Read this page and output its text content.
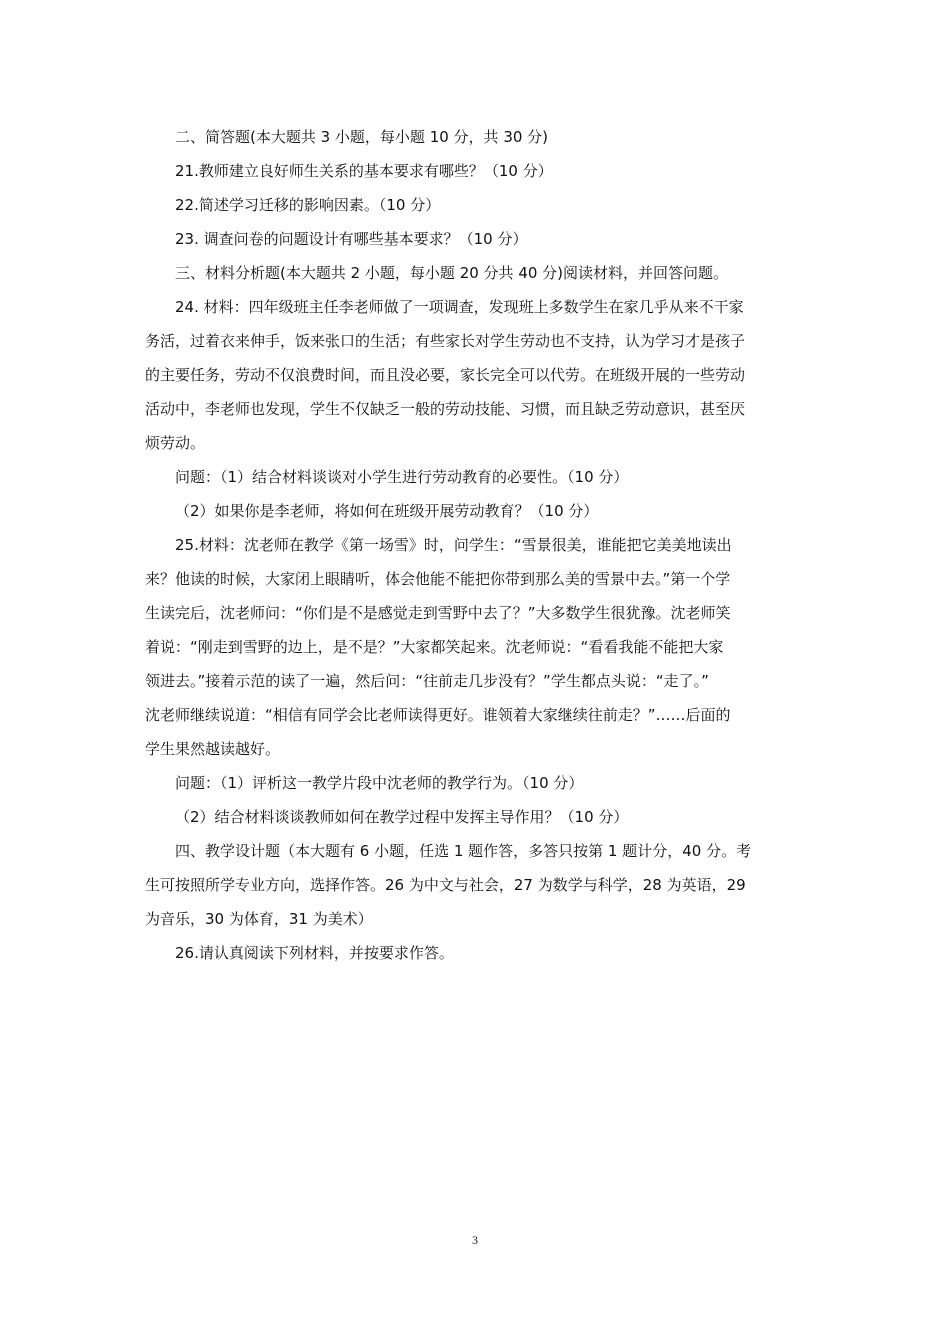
二、简答题(本大题共 3 小题，每小题 10 分，共 30 分)

21.教师建立良好师生关系的基本要求有哪些？（10 分）

22.简述学习迁移的影响因素。（10 分）

23. 调查问卷的问题设计有哪些基本要求？（10 分）

三、材料分析题(本大题共 2 小题，每小题 20 分共 40 分)阅读材料，并回答问题。

24. 材料：四年级班主任李老师做了一项调查，发现班上多数学生在家几乎从来不干家
务活，过着衣来伸手，饭来张口的生活；有些家长对学生劳动也不支持，认为学习才是孩子
的主要任务，劳动不仅浪费时间，而且没必要，家长完全可以代劳。在班级开展的一些劳动
活动中，李老师也发现，学生不仅缺乏一般的劳动技能、习惯，而且缺乏劳动意识，甚至厌
烦劳动。

问题：（1）结合材料谈谈对小学生进行劳动教育的必要性。（10 分）

（2）如果你是李老师，将如何在班级开展劳动教育？（10 分）

25.材料：沈老师在教学《第一场雪》时，问学生：“雪景很美，谁能把它美美地读出
来？他读的时候，大家闭上眼睛听，体会他能不能把你带到那么美的雪景中去。”第一个学
生读完后，沈老师问：“你们是不是感觉走到雪野中去了？”大多数学生很犹豫。沈老师笑
着说：“刚走到雪野的边上，是不是？”大家都笑起来。沈老师说：“看看我能不能把大家
领进去。”接着示范的读了一遍，然后问：“往前走几步没有？”学生都点头说：“走了。”
沈老师继续说道：“相信有同学会比老师读得更好。谁领着大家继续往前走？”……后面的
学生果然越读越好。

问题：（1）评析这一教学片段中沈老师的教学行为。（10 分）

（2）结合材料谈谈教师如何在教学过程中发挥主导作用？（10 分）

四、教学设计题（本大题有 6 小题，任选 1 题作答，多答只按第 1 题计分，40 分。考
生可按照所学专业方向，选择作答。26 为中文与社会，27 为数学与科学，28 为英语，29
为音乐，30 为体育，31 为美术）

26.请认真阅读下列材料，并按要求作答。

3
